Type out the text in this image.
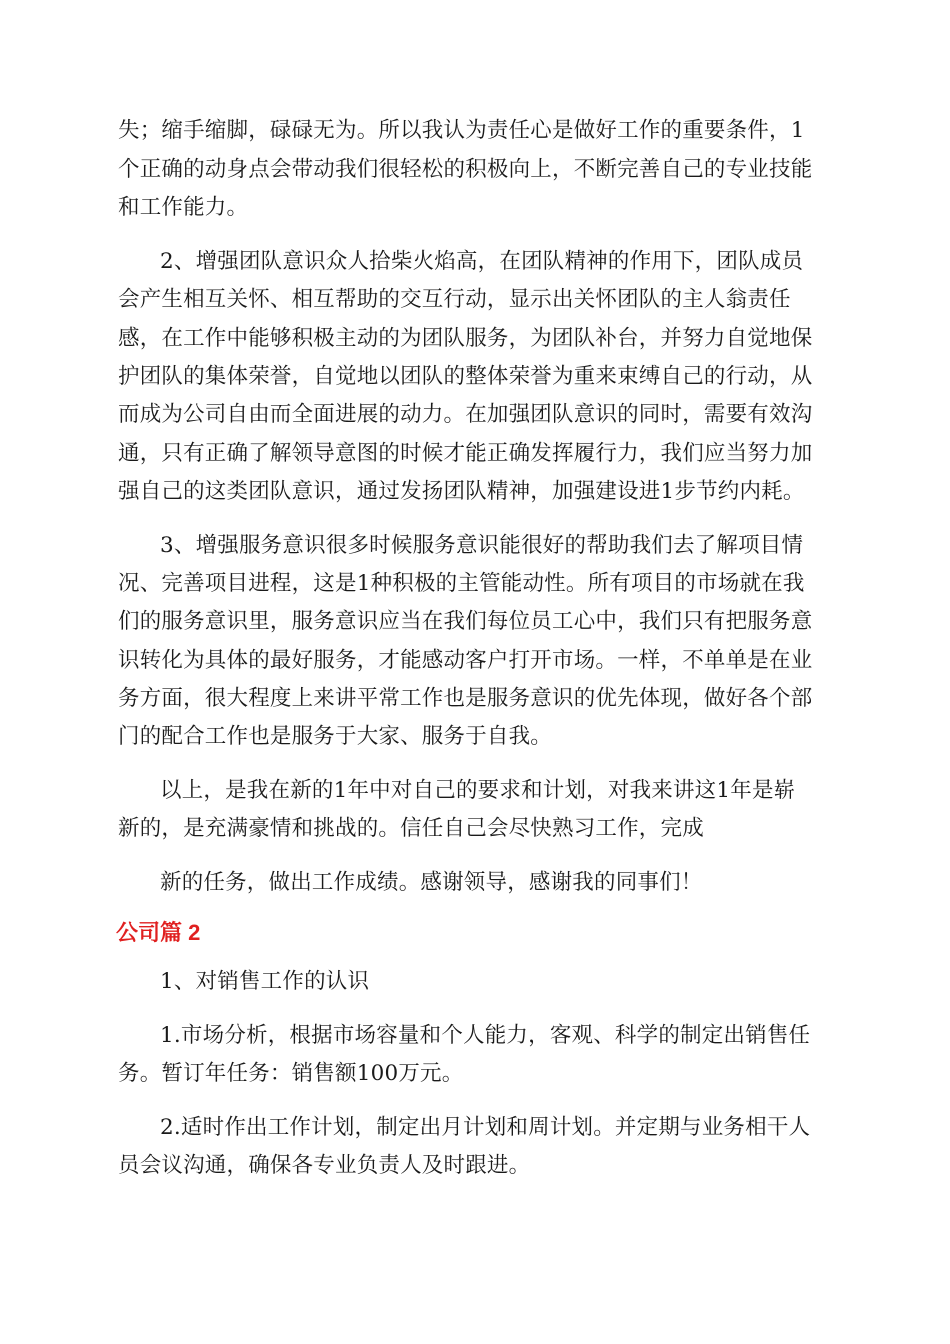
失；缩手缩脚，碌碌无为。所以我认为责任心是做好工作的重要条件，1
个正确的动身点会带动我们很轻松的积极向上，不断完善自己的专业技能
和工作能力。
2、增强团队意识众人拾柴火焰高，在团队精神的作用下，团队成员
会产生相互关怀、相互帮助的交互行动，显示出关怀团队的主人翁责任
感，在工作中能够积极主动的为团队服务，为团队补台，并努力自觉地保
护团队的集体荣誉，自觉地以团队的整体荣誉为重来束缚自己的行动，从
而成为公司自由而全面进展的动力。在加强团队意识的同时，需要有效沟
通，只有正确了解领导意图的时候才能正确发挥履行力，我们应当努力加
强自己的这类团队意识，通过发扬团队精神，加强建设进1步节约内耗。
3、增强服务意识很多时候服务意识能很好的帮助我们去了解项目情
况、完善项目进程，这是1种积极的主管能动性。所有项目的市场就在我
们的服务意识里，服务意识应当在我们每位员工心中，我们只有把服务意
识转化为具体的最好服务，才能感动客户打开市场。一样，不单单是在业
务方面，很大程度上来讲平常工作也是服务意识的优先体现，做好各个部
门的配合工作也是服务于大家、服务于自我。
以上，是我在新的1年中对自己的要求和计划，对我来讲这1年是崭
新的，是充满豪情和挑战的。信任自己会尽快熟习工作，完成
新的任务，做出工作成绩。感谢领导，感谢我的同事们！
公司篇 2
1、对销售工作的认识
1.市场分析，根据市场容量和个人能力，客观、科学的制定出销售任
务。暂订年任务：销售额100万元。
2.适时作出工作计划，制定出月计划和周计划。并定期与业务相干人
员会议沟通，确保各专业负责人及时跟进。
